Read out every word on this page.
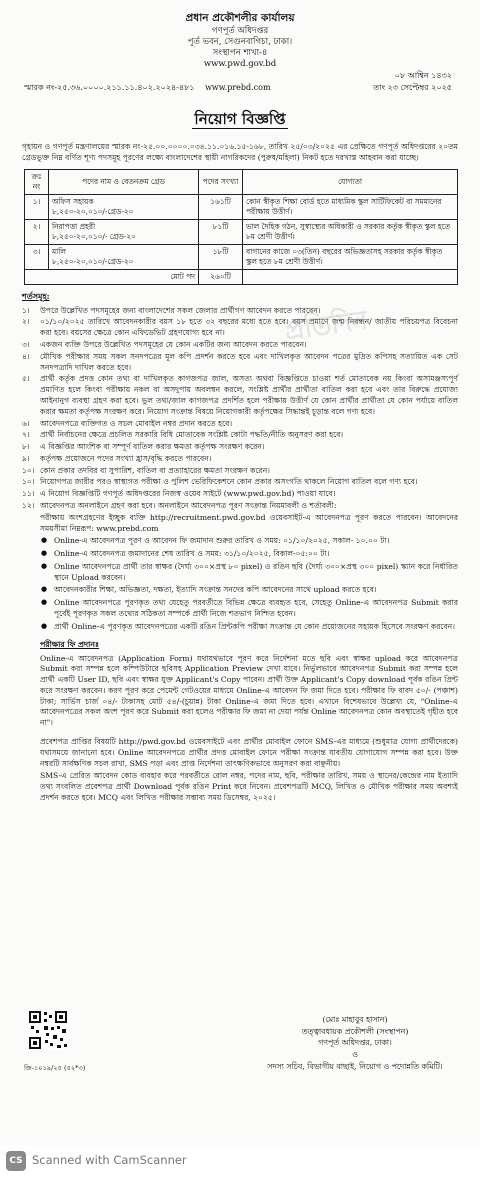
প্রধান প্রকৌশলীর কার্যালয়
গণপূর্ত অধিদপ্তর
পূর্ত ভবন, সেগুনবাগিচা, ঢাকা।
সংস্থাপন শাখা-৪
www.pwd.gov.bd
০৮ আশ্বিন ১৪৩২
স্মারক নং-২৫.৩৬.০০০০.২১১.১১.৪০২.২০২৪-৪৮১ www.prebd.com	তাং ২৩ সেপ্টেম্বর ২০২৫
নিয়োগ বিজ্ঞপ্তি
গৃহায়ন ও গণপূর্ত মন্ত্রণালয়ের স্মারক নং-২৫.০০.০০০০.০৩৪.১১.০১৬.১৫-১৬৮, তারিখ ২৫/০৩/২০২৫ এর প্রেক্ষিতে গণপূর্ত অধিদপ্তরের ২০তম গ্রেডভুক্ত নিম্ন বর্ণিত শূণ্য পদসমূহ পূরণের লক্ষ্যে বাংলাদেশের স্থায়ী নাগরিকদের (পুরুষ/মহিলা) নিকট হতে দরখাস্ত আহবান করা যাচ্ছে।
ক্রঃ নং	পদের নাম ও বেতনক্রম গ্রেড	পদের সংখ্যা	যোগ্যতা
১।	অফিস সহায়ক
৮,২৫০-২০,০১০/-গ্রেড-২০	১৬১টি	কোন স্বীকৃত শিক্ষা বোর্ড হতে মাধ্যমিক স্কুল সার্টিফিকেট বা সমমানের পরীক্ষায় উত্তীর্ণ।
২।	নিরাপত্তা প্রহরী
৮,২৫০-২০,০১০/- গ্রেড-২০	৮১টি	ভাল দৈহিক গঠন, সুস্বাস্থ্যের অধিকারী ও সরকার কর্তৃক স্বীকৃত স্কুল হতে ৮ম শ্রেণী উত্তীর্ণ।
৩।	মালি
৮,২৫০-২০,০১০/-গ্রেড-২০	১৮টি	বাগানের কাজে ০৩(তিন) বছরের অভিজ্ঞতাসহ সরকার কর্তৃক স্বীকৃত স্কুল হতে ৮ম শ্রেণী উত্তীর্ণ।
মোট পদ		২৬০টি	
শর্তসমূহ:
১। উপরে উল্লেখিত পদসমূহের জন্য বাংলাদেশের সকল জেলার প্রার্থীগণ আবেদন করতে পারবেন।
২। ০১/১০/২০২৫ তারিখে আবেদনকারীর বয়স ১৮ হতে ৩২ বছরের মধ্যে হতে হবে। বয়স প্রমাণে জন্ম নিবন্ধন/ জাতীয় পরিচয়পত্র বিবেচনা করা হবে। বয়সের ক্ষেত্রে কোন এফিডেভিট গ্রহণযোগ্য হবে না।
৩। একজন ব্যক্তি উপরে উল্লেখিত পদসমূহের যে কোন একটির জন্য আবেদন করতে পারবেন।
৪। মৌখিক পরীক্ষার সময় সকল সনদপত্রের মূল কপি প্রদর্শন করতে হবে এবং দাখিলকৃত আবেদন পত্রের মুদ্রিত কপিসহ সত্যায়িত এক সেট সনদপত্রাদি দাখিল করতে হবে।
৫। প্রার্থী কর্তৃক প্রদত্ত কোন তথ্য বা দাখিলকৃত কাগজপত্র জাল, অসত্য অথবা বিজ্ঞপ্তিতে চাওয়া শর্ত মোতাবেক নয় কিংবা অসামঞ্জস্যপূর্ণ প্রমাণিত হলে কিংবা পরীক্ষায় নকল বা অসদুপায় অবলম্বন করলে, সংশ্লিষ্ট প্রার্থীর প্রার্থীতা বাতিল করা হবে এবং তার বিরুদ্ধে প্রযোজ্য আইনানুগ ব্যবস্থা গ্রহণ করা হবে। ভুল তথ্য/জাল কাগজপত্র প্রদর্শিত হলে পরীক্ষায় উত্তীর্ণ যে কোন প্রার্থীর প্রার্থীতা যে কোন পর্যায়ে বাতিল করার ক্ষমতা কর্তৃপক্ষ সংরক্ষণ করে। নিয়োগ সংক্রান্ত বিষয়ে নিয়োগকারী কর্তৃপক্ষের সিদ্ধান্তই চূড়ান্ত বলে গণ্য হবে।
৬। আবেদনপত্রে ব্যক্তিগত ও সচল মোবাইল নম্বর প্রদান করতে হবে।
৭। প্রার্থী নির্বাচনের ক্ষেত্রে প্রচলিত সরকারি বিধি মোতাবেক সংশ্লিষ্ট কোটা পদ্ধতি/নীতি অনুসরণ করা হবে।
৮। এ বিজ্ঞপ্তির আংশিক বা সম্পূর্ণ বাতিল করার ক্ষমতা কর্তৃপক্ষ সংরক্ষণ করেন।
৯। কর্তৃপক্ষ প্রয়োজনে পদের সংখ্যা হ্রাস/বৃদ্ধি করতে পারবেন।
১০। কোন প্রকার তদবির বা সুপারিশ, বাতিল বা প্রত্যাহারের ক্ষমতা সংরক্ষণ করেন।
১০। নিয়োগপত্র জারীর পরও স্বাস্থ্যগত পরীক্ষা ও পুলিশ ভেরিফিকেশনে কোন প্রকার অসংগতি থাকলে নিয়োগ বাতিল বলে গণ্য হবে।
১১। এ নিয়োগ বিজ্ঞপ্তিটি গণপূর্ত অধিদপ্তরের নিজস্ব ওয়েব সাইটে (www.pwd.gov.bd) পাওয়া যাবে।
১২। আবেদনপত্র অনলাইনে গ্রহণ করা হবে। অনলাইনে আবেদনপত্র পূরণ সংক্রান্ত নিয়মাবলী ও শর্তাবলী:
পরীক্ষায় অংশগ্রহণের ইচ্ছুক ব্যক্তি http://recruitment.pwd.gov.bd ওয়েবসাইট-এ আবেদনপত্র পূরণ করতে পারবেন। আবেদনের সময়সীমা নিম্নরূপ: www.prebd.com
● Online-এ আবেদনপত্র পূরণ ও আবেদন ফি জমাদান শুরুর তারিখ ও সময়: ০১/১০/২০২৫, সকাল- ১০.০০ টা।
● Online-এ আবেদনপত্র জমাদানের শেষ তারিখ ও সময়: ৩১/১০/২০২৫, বিকাল-০৫:০০ টা।
● Online আবেদনপত্রে প্রার্থী তার স্বাক্ষর (দৈর্ঘ্য ৩০০×প্রস্থ ৮০ pixel) ও রঙিন ছবি (দৈর্ঘ্য ৩০০×প্রস্থ ৩০০ pixel) স্ক্যান করে নির্ধারিত স্থানে Upload করবেন।
● আবেদনকারীর শিক্ষা, অভিজ্ঞতা, দক্ষতা, ইত্যাদি সংক্রান্ত সনদের কপি আবেদনের সাথে upload করতে হবে।
● Online আবেদনপত্রে পূরণকৃত তথ্য যেহেতু পরবর্তীতে বিভিন্ন ক্ষেত্রে ব্যবহৃত হবে, সেহেতু Online-এ আবেদনপত্র Submit করার পূর্বেই পূরণকৃত সকল তথ্যের সঠিকতা সম্পর্কে প্রার্থী নিজে শতভাগ নিশ্চিত হবেন।
● প্রার্থী Online-এ পূরণকৃত আবেদনপত্রের একটি রঙিন প্রিন্টকপি পরীক্ষা সংক্রান্ত যে কোন প্রয়োজনের সহায়ক হিসেবে সংরক্ষণ করবেন।
পরীক্ষার ফি প্রদানঃ
Online-এ আবেদনপত্র (Application Form) যথাযথভাবে পূরণ করে নির্দেশনা মতে ছবি এবং স্বাক্ষর upload করে আবেদনপত্র Submit করা সম্পন্ন হলে কম্পিউটারে ছবিসহ Application Preview দেখা যাবে। নির্ভুলভাবে আবেদনপত্র Submit করা সম্পন্ন হলে প্রার্থী একটি User ID, ছবি এবং স্বাক্ষর যুক্ত Applicant's Copy পাবেন। প্রার্থী উক্ত Applicant's Copy download পূর্বক রঙিন প্রিন্ট করে সংরক্ষণ করবেন। করণ পূরণ করে পেমেন্ট গেটওয়ের মাধ্যমে Online-এ আবেদন ফি জমা দিতে হবে। পরীক্ষার ফি বাবদ ৫০/- (পঞ্চাশ) টাকা; সার্ভিস চার্জ ০৪/- টাকাসহ মোট ৫৪/-(চুয়ান্ন) টাকা Online-এ জমা দিতে হবে। এখানে বিশেষভাবে উল্লেখ্য যে, "Online-এ আবেদনপত্রের সকল অংশ পূরণ করে Submit করা হলেও পরীক্ষার ফি জমা না দেয়া পর্যন্ত Online আবেদনপত্র কোন অবস্থাতেই গৃহীত হবে না"।
প্রবেশপত্র প্রাপ্তির বিষয়টি http://pwd.gov.bd ওয়েবসাইটে এবং প্রার্থীর মোবাইল ফোনে SMS-এর মাধ্যমে (শুধুমাত্র যোগ্য প্রার্থীদেরকে) যথাসময়ে জানানো হবে। Online আবেদনপত্রে প্রার্থীর প্রদত্ত মোবাইল ফোনে পরীক্ষা সংক্রান্ত যাবতীয় যোগাযোগ সম্পন্ন করা হবে। উক্ত নম্বরটি সার্বক্ষণিক সচল রাখা, SMS পড়া এবং প্রাপ্ত নির্দেশনা তাৎক্ষণিকভাবে অনুসরণ করা বাঞ্ছনীয়।
SMS-এ প্রেরিত আবেদন কোড ব্যবহার করে পরবর্তীতে রোল নম্বর, পদের নাম, ছবি, পরীক্ষার তারিখ, সময় ও স্থানের/কেন্দ্রের নাম ইত্যাদি তথ্য সংবলিত প্রবেশপত্র প্রার্থী Download পূর্বক রঙিন Print করে নিবেন। প্রবেশপত্রটি MCQ, লিখিত ও মৌখিক পরীক্ষার সময় অবশ্যই প্রদর্শন করতে হবে। MCQ এবং লিখিত পরীক্ষার সম্ভাব্য সময় ডিসেম্বর, ২০২৫।
(মোঃ মাহাবুব হাসান)
তত্ত্বাবধায়ক প্রকৌশলী (সংস্থাপন)
গণপূর্ত অধিদপ্তর, ঢাকা।
ও
সদস্য সচিব, বিভাগীয় বাছাই, নিয়োগ ও পদোন্নতি কমিটি।
জি-১০১৯/২৫ (৫২*৩)
প্রতিদিন
CS Scanned with CamScanner
